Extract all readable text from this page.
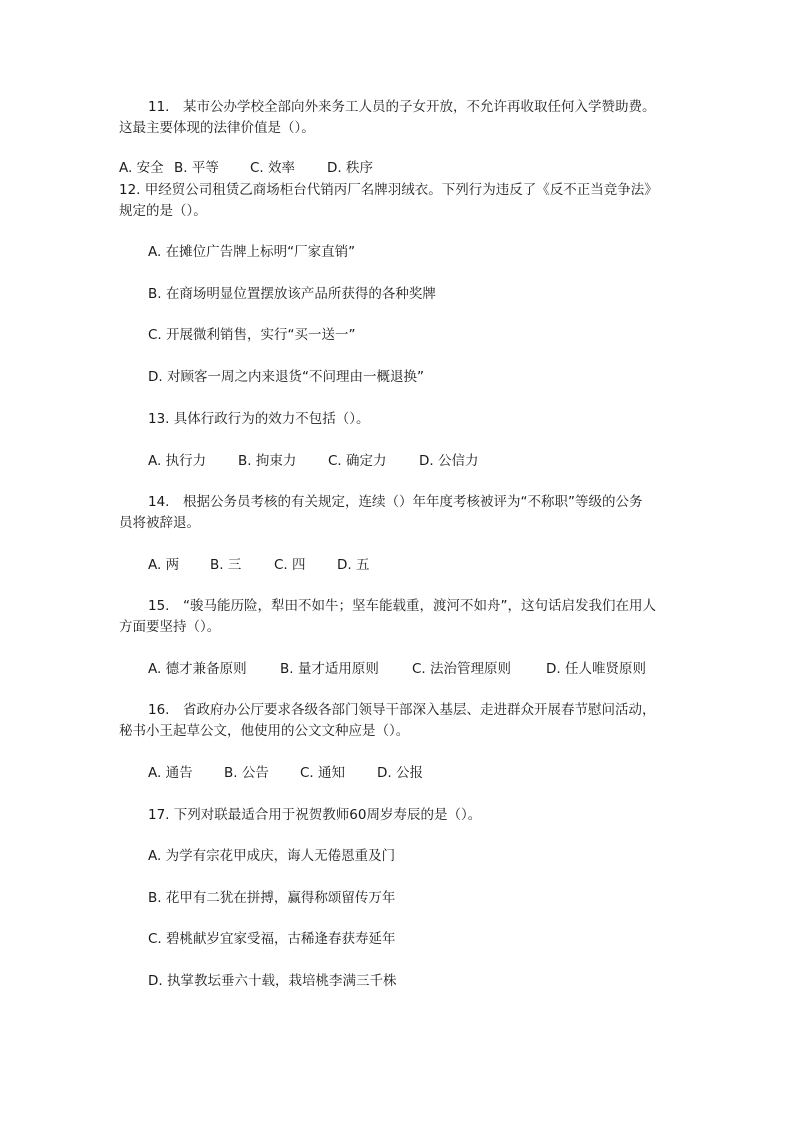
11.　某市公办学校全部向外来务工人员的子女开放，不允许再收取任何入学赞助费。
这最主要体现的法律价值是（）。
A. 安全 B. 平等 C. 效率 D. 秩序
12. 甲经贸公司租赁乙商场柜台代销丙厂名牌羽绒衣。下列行为违反了《反不正当竞争法》
规定的是（）。
A. 在摊位广告牌上标明“厂家直销”
B. 在商场明显位置摆放该产品所获得的各种奖牌
C. 开展微利销售，实行“买一送一”
D. 对顾客一周之内来退货“不问理由一概退换”
13. 具体行政行为的效力不包括（）。
A. 执行力 B. 拘束力 C. 确定力 D. 公信力
14.　根据公务员考核的有关规定，连续（）年年度考核被评为“不称职”等级的公务
员将被辞退。
A. 两 B. 三 C. 四 D. 五
15.　“骏马能历险，犁田不如牛；坚车能载重，渡河不如舟”，这句话启发我们在用人
方面要坚持（）。
A. 德才兼备原则 B. 量才适用原则 C. 法治管理原则	D. 任人唯贤原则
16.　省政府办公厅要求各级各部门领导干部深入基层、走进群众开展春节慰问活动，
秘书小王起草公文，他使用的公文文种应是（）。
A. 通告 B. 公告 C. 通知 D. 公报
17. 下列对联最适合用于祝贺教师60周岁寿辰的是（）。
A. 为学有宗花甲成庆，诲人无倦恩重及门
B. 花甲有二犹在拼搏，赢得称颂留传万年
C. 碧桃献岁宜家受福，古稀逢春获寿延年
D. 执掌教坛垂六十载，栽培桃李满三千株
